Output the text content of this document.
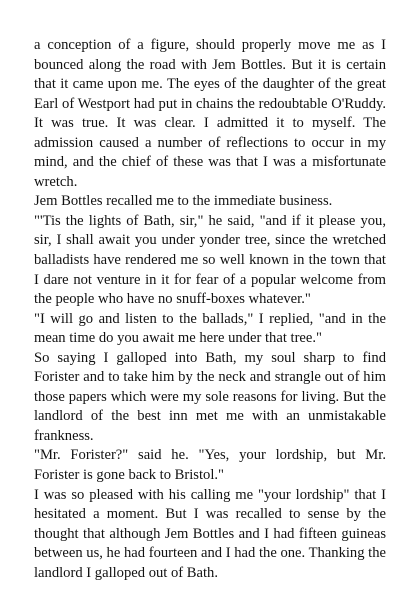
a conception of a figure, should properly move me as I bounced along the road with Jem Bottles. But it is certain that it came upon me. The eyes of the daughter of the great Earl of Westport had put in chains the redoubtable O'Ruddy. It was true. It was clear. I admitted it to myself. The admission caused a number of reflections to occur in my mind, and the chief of these was that I was a misfortunate wretch.

Jem Bottles recalled me to the immediate business.

"'Tis the lights of Bath, sir," he said, "and if it please you, sir, I shall await you under yonder tree, since the wretched balladists have rendered me so well known in the town that I dare not venture in it for fear of a popular welcome from the people who have no snuff-boxes whatever."

"I will go and listen to the ballads," I replied, "and in the mean time do you await me here under that tree."

So saying I galloped into Bath, my soul sharp to find Forister and to take him by the neck and strangle out of him those papers which were my sole reasons for living. But the landlord of the best inn met me with an unmistakable frankness.

"Mr. Forister?" said he. "Yes, your lordship, but Mr. Forister is gone back to Bristol."

I was so pleased with his calling me "your lordship" that I hesitated a moment. But I was recalled to sense by the thought that although Jem Bottles and I had fifteen guineas between us, he had fourteen and I had the one. Thanking the landlord I galloped out of Bath.
